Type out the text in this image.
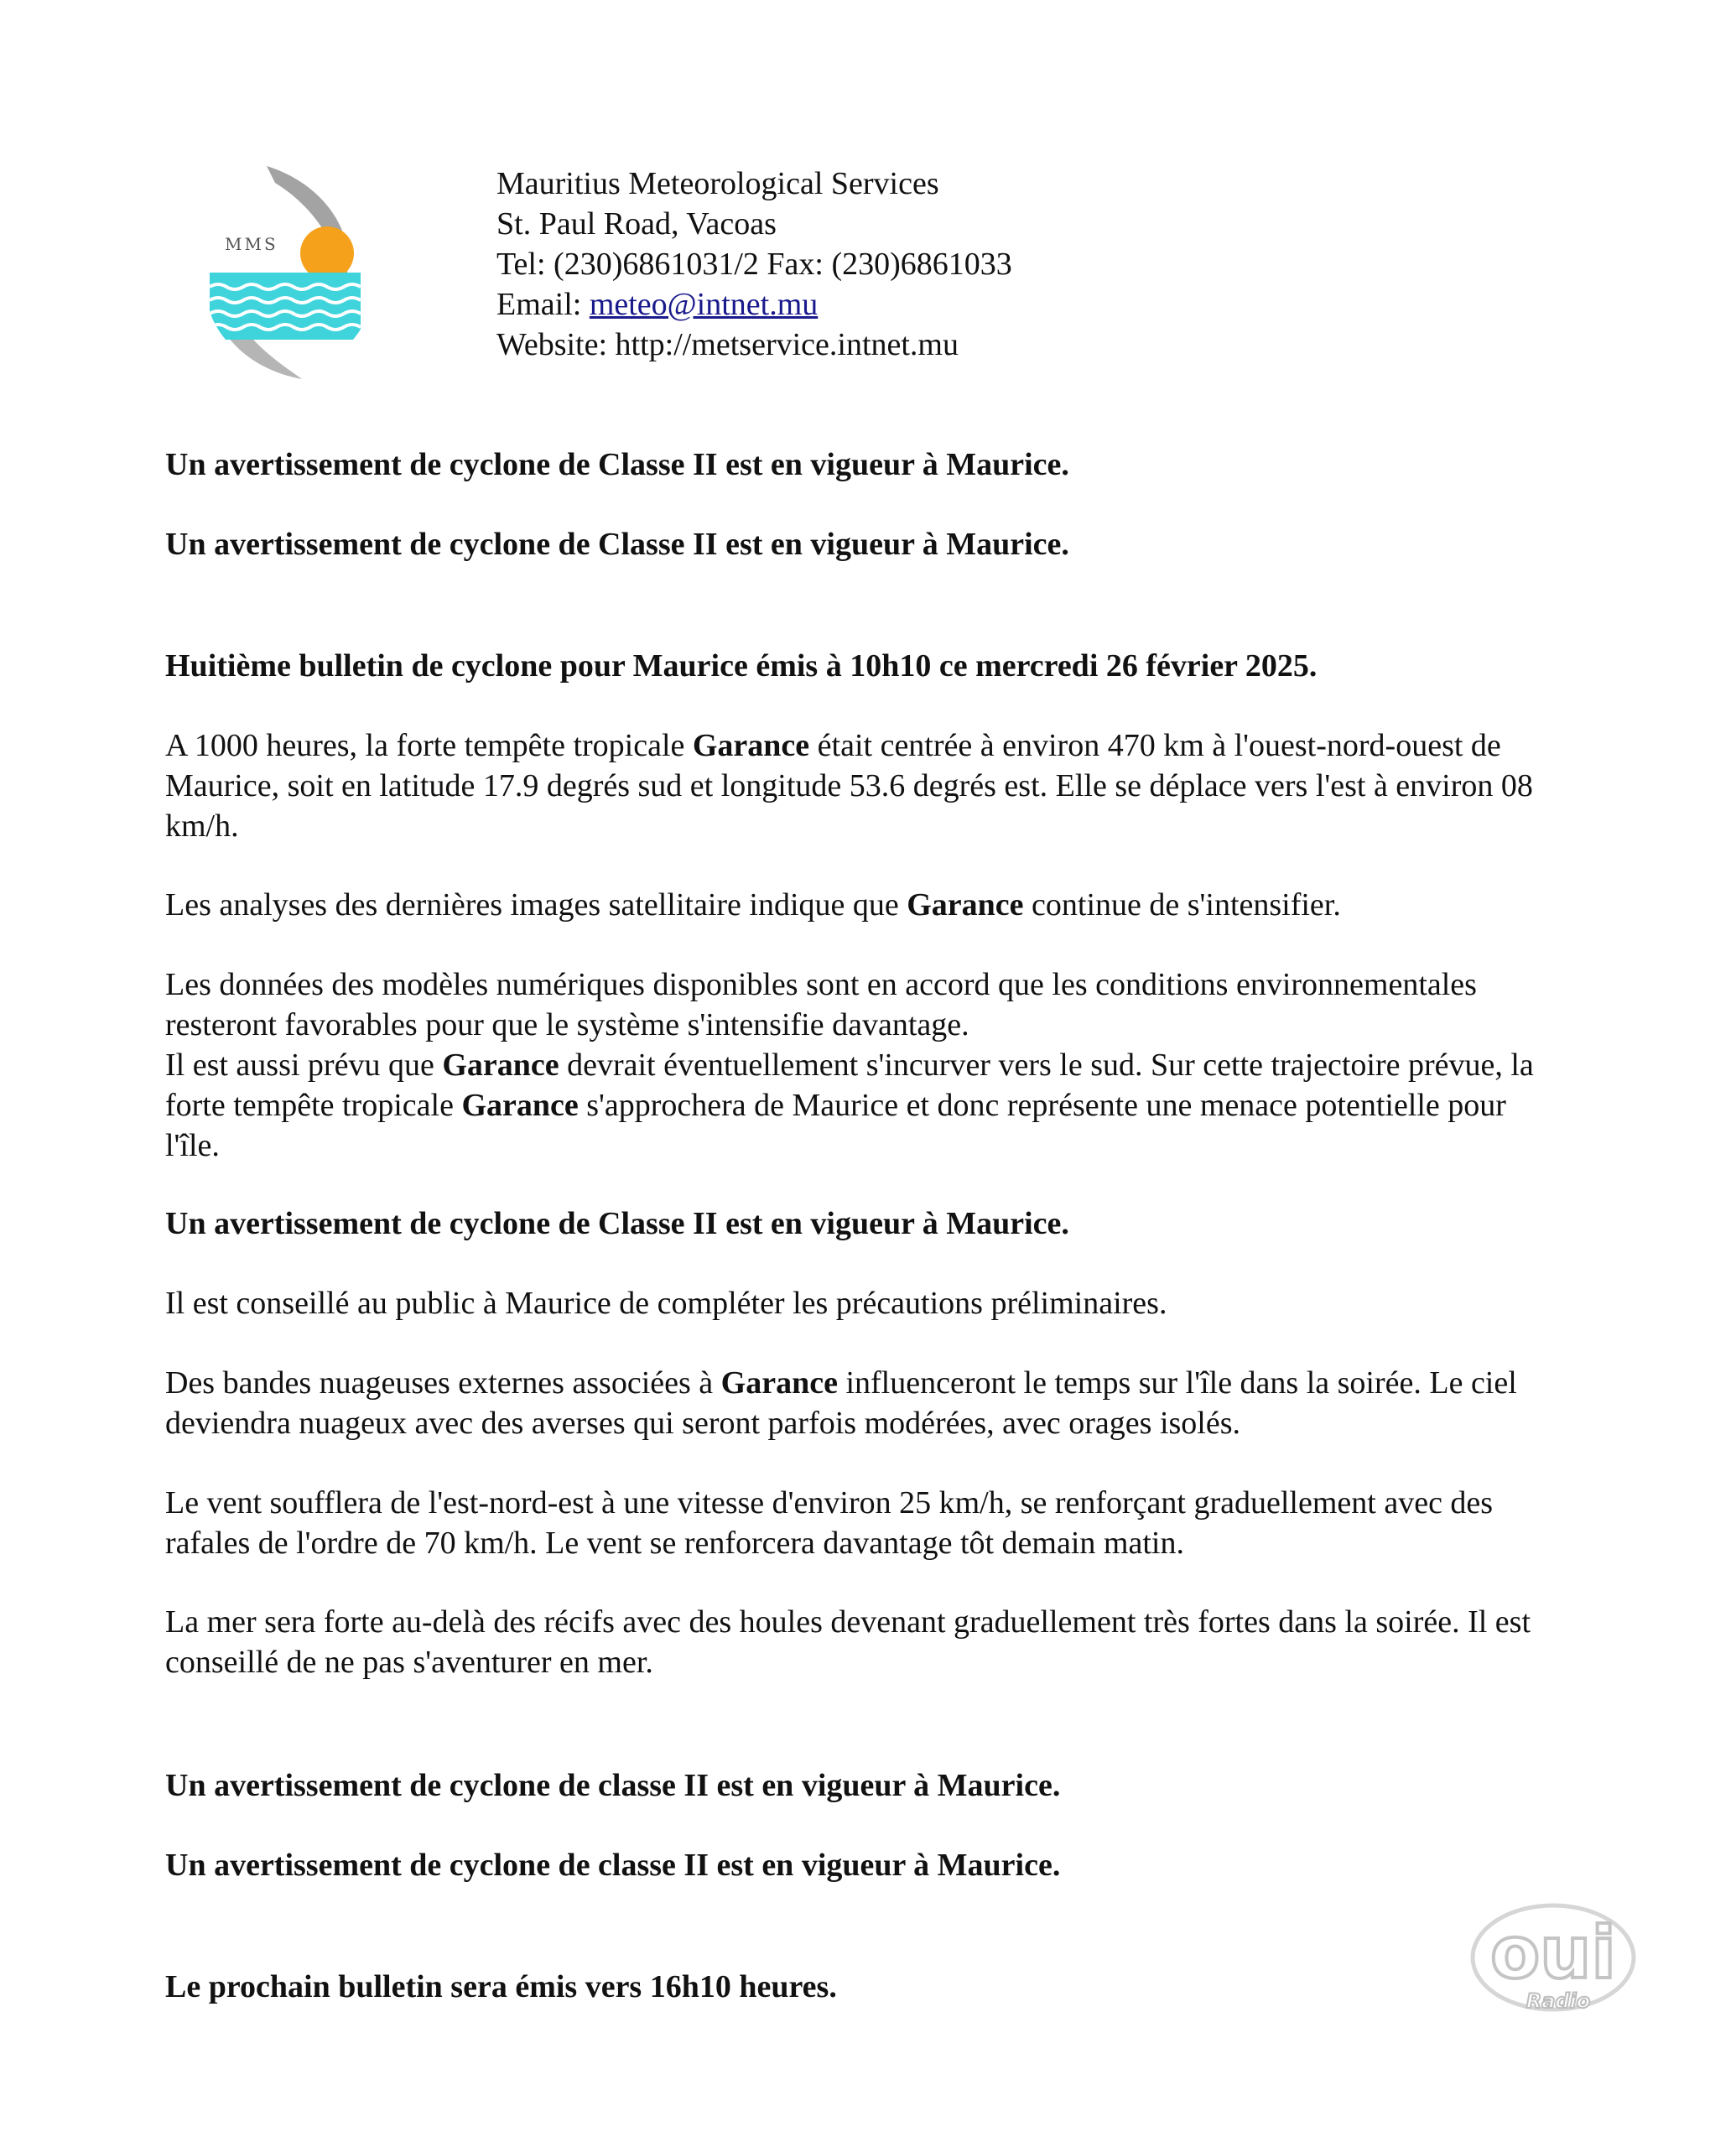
MMS
Mauritius Meteorological Services
St. Paul Road, Vacoas
Tel: (230)6861031/2 Fax: (230)6861033
Email: meteo@intnet.mu
Website: http://metservice.intnet.mu
Un avertissement de cyclone de Classe II est en vigueur à Maurice.
Un avertissement de cyclone de Classe II est en vigueur à Maurice.
Huitième bulletin de cyclone pour Maurice émis à 10h10 ce mercredi 26 février 2025.
A 1000 heures, la forte tempête tropicale Garance était centrée à environ 470 km à l'ouest-nord-ouest de Maurice, soit en latitude 17.9 degrés sud et longitude 53.6 degrés est. Elle se déplace vers l'est à environ 08 km/h.
Les analyses des dernières images satellitaire indique que Garance continue de s'intensifier.
Les données des modèles numériques disponibles sont en accord que les conditions environnementales resteront favorables pour que le système s'intensifie davantage.
Il est aussi prévu que Garance devrait éventuellement s'incurver vers le sud. Sur cette trajectoire prévue, la forte tempête tropicale Garance s'approchera de Maurice et donc représente une menace potentielle pour l'île.
Un avertissement de cyclone de Classe II est en vigueur à Maurice.
Il est conseillé au public à Maurice de compléter les précautions préliminaires.
Des bandes nuageuses externes associées à Garance influenceront le temps sur l'île dans la soirée. Le ciel deviendra nuageux avec des averses qui seront parfois modérées, avec orages isolés.
Le vent soufflera de l'est-nord-est à une vitesse d'environ 25 km/h, se renforçant graduellement avec des rafales de l'ordre de 70 km/h. Le vent se renforcera davantage tôt demain matin.
La mer sera forte au-delà des récifs avec des houles devenant graduellement très fortes dans la soirée. Il est conseillé de ne pas s'aventurer en mer.
Un avertissement de cyclone de classe II est en vigueur à Maurice.
Un avertissement de cyclone de classe II est en vigueur à Maurice.
Le prochain bulletin sera émis vers 16h10 heures.	oui
Radio
